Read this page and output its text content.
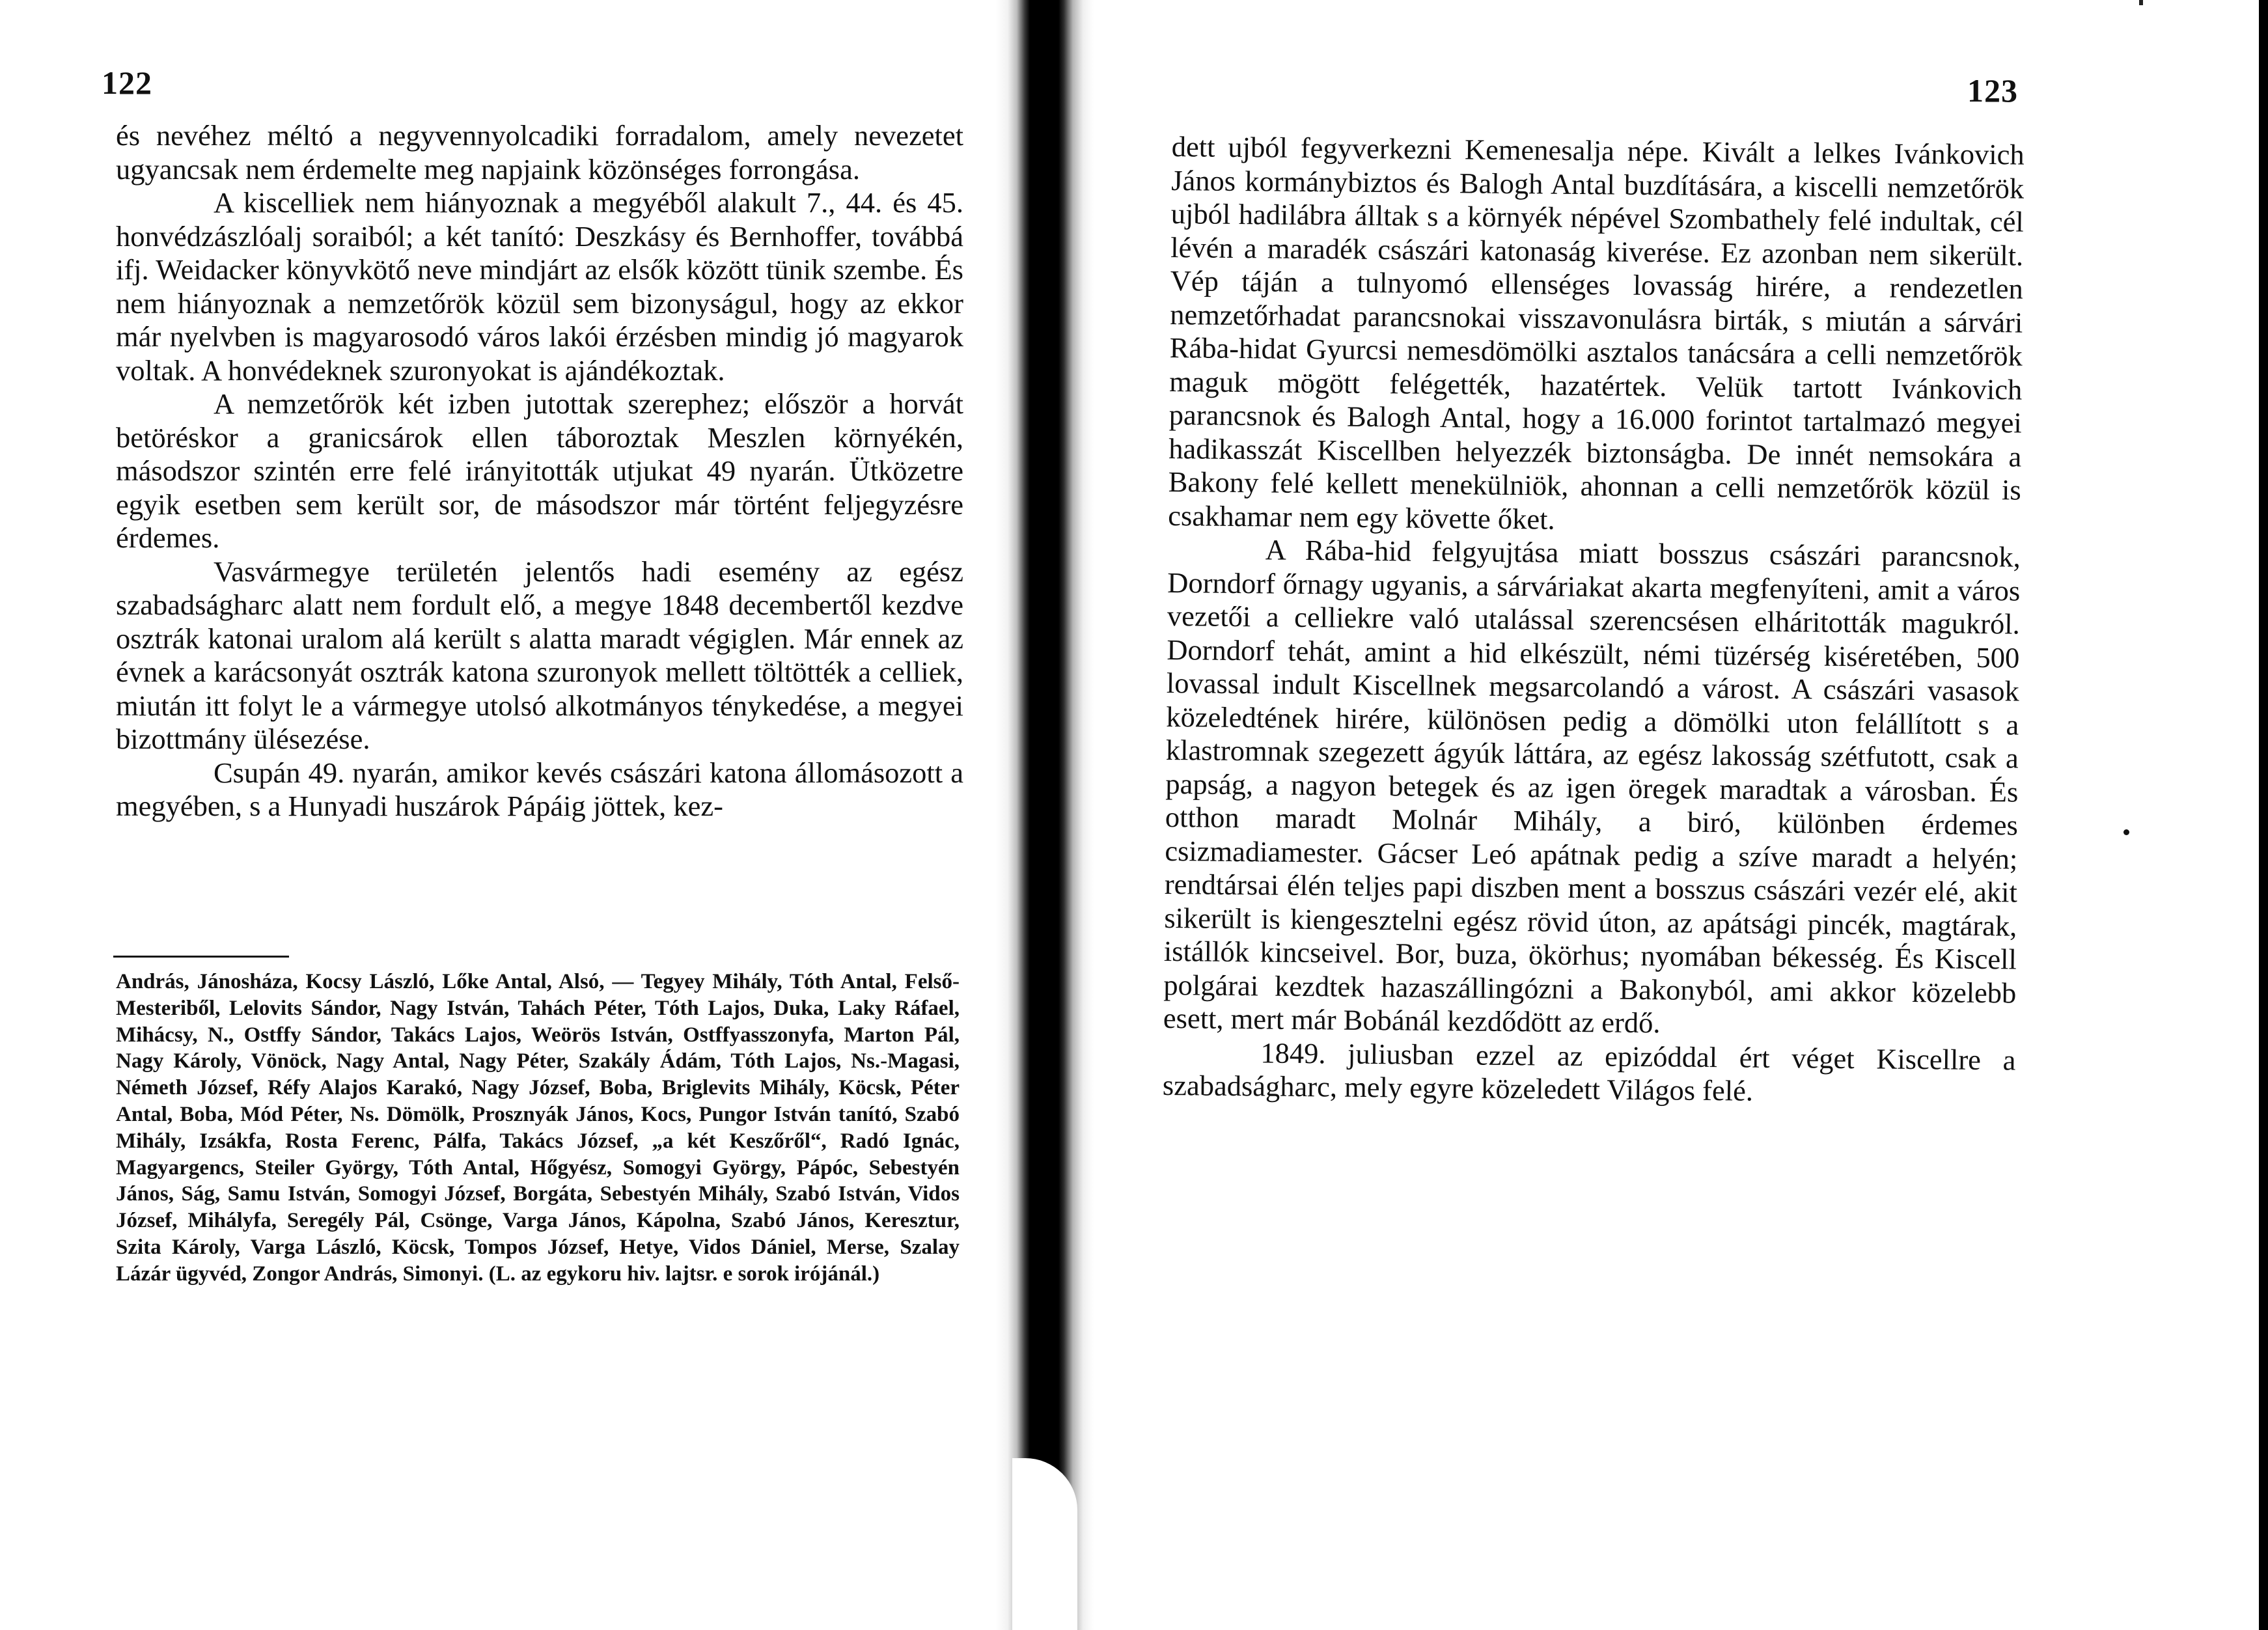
122

és nevéhez méltó a negyvennyolcadiki forradalom, amely nevezetet ugyancsak nem érdemelte meg napjaink közönséges forrongása.

A kiscelliek nem hiányoznak a megyéből alakult 7., 44. és 45. honvédzászlóalj soraiból; a két tanító: Deszkásy és Bernhoffer, továbbá ifj. Weidacker könyvkötő neve mindjárt az elsők között tünik szembe. És nem hiányoznak a nemzetőrök közül sem bizonyságul, hogy az ekkor már nyelvben is magyarosodó város lakói érzésben mindig jó magyarok voltak. A honvédeknek szuronyokat is ajándékoztak.

A nemzetőrök két izben jutottak szerephez; először a horvát betöréskor a granicsárok ellen táboroztak Meszlen környékén, másodszor szintén erre felé irányitották utjukat 49 nyarán. Ütközetre egyik esetben sem került sor, de másodszor már történt feljegyzésre érdemes.

Vasvármegye területén jelentős hadi esemény az egész szabadságharc alatt nem fordult elő, a megye 1848 decembertől kezdve osztrák katonai uralom alá került s alatta maradt végiglen. Már ennek az évnek a karácsonyát osztrák katona szuronyok mellett töltötték a celliek, miután itt folyt le a vármegye utolsó alkotmányos ténykedése, a megyei bizottmány ülésezése.

Csupán 49. nyarán, amikor kevés császári katona állomásozott a megyében, s a Hunyadi huszárok Pápáig jöttek, kez-

András, Jánosháza, Kocsy László, Lőke Antal, Alsó, — Tegyey Mihály, Tóth Antal, Felső-Mesteriből, Lelovits Sándor, Nagy István, Tahách Péter, Tóth Lajos, Duka, Laky Ráfael, Mihácsy, N., Ostffy Sándor, Takács Lajos, Weörös István, Ostffyasszonyfa, Marton Pál, Nagy Károly, Vönöck, Nagy Antal, Nagy Péter, Szakály Ádám, Tóth Lajos, Ns.-Magasi, Németh József, Réfy Alajos Karakó, Nagy József, Boba, Briglevits Mihály, Köcsk, Péter Antal, Boba, Mód Péter, Ns. Dömölk, Prosznyák János, Kocs, Pungor István tanító, Szabó Mihály, Izsákfa, Rosta Ferenc, Pálfa, Takács József, „a két Keszőről“, Radó Ignác, Magyargencs, Steiler György, Tóth Antal, Hőgyész, Somogyi György, Pápóc, Sebestyén János, Ság, Samu István, Somogyi József, Borgáta, Sebestyén Mihály, Szabó István, Vidos József, Mihályfa, Seregély Pál, Csönge, Varga János, Kápolna, Szabó János, Keresztur, Szita Károly, Varga László, Köcsk, Tompos József, Hetye, Vidos Dániel, Merse, Szalay Lázár ügyvéd, Zongor András, Simonyi. (L. az egykoru hiv. lajtsr. e sorok irójánál.)
123

dett ujból fegyverkezni Kemenesalja népe. Kivált a lelkes Ivánkovich János kormánybiztos és Balogh Antal buzdítására, a kiscelli nemzetőrök ujból hadilábra álltak s a környék népével Szombathely felé indultak, cél lévén a maradék császári katonaság kiverése. Ez azonban nem sikerült. Vép táján a tulnyomó ellenséges lovasság hirére, a rendezetlen nemzetőrhadat parancsnokai visszavonulásra birták, s miután a sárvári Rába-hidat Gyurcsi nemesdömölki asztalos tanácsára a celli nemzetőrök maguk mögött felégették, hazatértek. Velük tartott Ivánkovich parancsnok és Balogh Antal, hogy a 16.000 forintot tartalmazó megyei hadikasszát Kiscellben helyezzék biztonságba. De innét nemsokára a Bakony felé kellett menekülniök, ahonnan a celli nemzetőrök közül is csakhamar nem egy követte őket.

A Rába-hid felgyujtása miatt bosszus császári parancsnok, Dorndorf őrnagy ugyanis, a sárváriakat akarta megfenyíteni, amit a város vezetői a celliekre való utalással szerencsésen elháritották magukról. Dorndorf tehát, amint a hid elkészült, némi tüzérség kiséretében, 500 lovassal indult Kiscellnek megsarcolandó a várost. A császári vasasok közeledtének hirére, különösen pedig a dömölki uton felállított s a klastromnak szegezett ágyúk láttára, az egész lakosság szétfutott, csak a papság, a nagyon betegek és az igen öregek maradtak a városban. És otthon maradt Molnár Mihály, a biró, különben érdemes csizmadiamester. Gácser Leó apátnak pedig a szíve maradt a helyén; rendtársai élén teljes papi diszben ment a bosszus császári vezér elé, akit sikerült is kiengesztelni egész rövid úton, az apátsági pincék, magtárak, istállók kincseivel. Bor, buza, ökörhus; nyomában békesség. És Kiscell polgárai kezdtek hazaszállingózni a Bakonyból, ami akkor közelebb esett, mert már Bobánál kezdődött az erdő.

1849. juliusban ezzel az epizóddal ért véget Kiscellre a szabadságharc, mely egyre közeledett Világos felé.
